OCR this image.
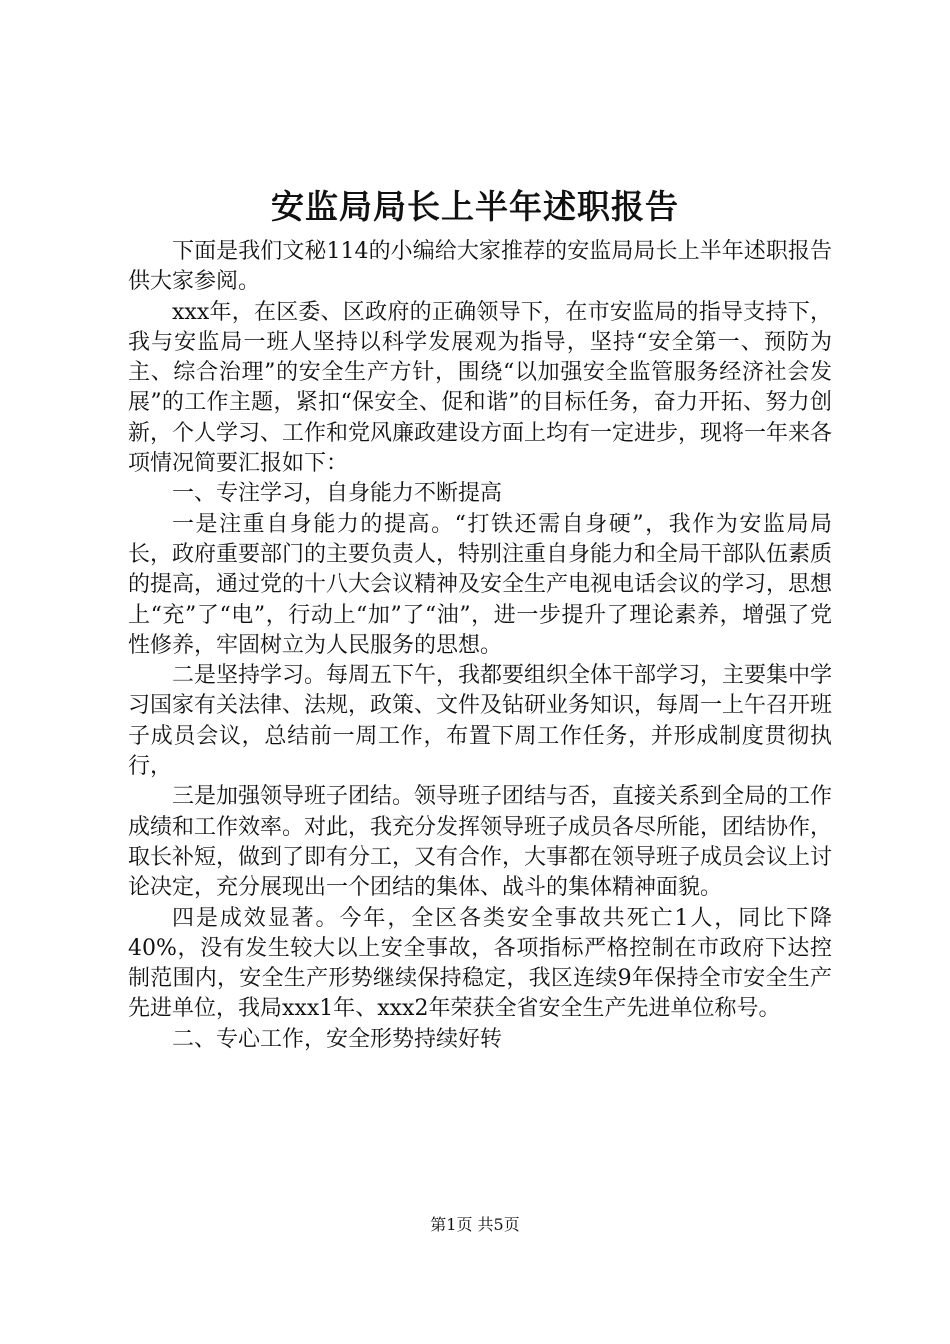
安监局局长上半年述职报告

下面是我们文秘114的小编给大家推荐的安监局局长上半年述职报告供大家参阅。

xxx年，在区委、区政府的正确领导下，在市安监局的指导支持下，我与安监局一班人坚持以科学发展观为指导，坚持“安全第一、预防为主、综合治理”的安全生产方针，围绕“以加强安全监管服务经济社会发展”的工作主题，紧扣“保安全、促和谐”的目标任务，奋力开拓、努力创新，个人学习、工作和党风廉政建设方面上均有一定进步，现将一年来各项情况简要汇报如下：

一、专注学习，自身能力不断提高

一是注重自身能力的提高。“打铁还需自身硬”，我作为安监局局长，政府重要部门的主要负责人，特别注重自身能力和全局干部队伍素质的提高，通过党的十八大会议精神及安全生产电视电话会议的学习，思想上“充”了“电”，行动上“加”了“油”，进一步提升了理论素养，增强了党性修养，牢固树立为人民服务的思想。

二是坚持学习。每周五下午，我都要组织全体干部学习，主要集中学习国家有关法律、法规，政策、文件及钻研业务知识，每周一上午召开班子成员会议，总结前一周工作，布置下周工作任务，并形成制度贯彻执行，

三是加强领导班子团结。领导班子团结与否，直接关系到全局的工作成绩和工作效率。对此，我充分发挥领导班子成员各尽所能，团结协作，取长补短，做到了即有分工，又有合作，大事都在领导班子成员会议上讨论决定，充分展现出一个团结的集体、战斗的集体精神面貌。

四是成效显著。今年，全区各类安全事故共死亡1人，同比下降40%，没有发生较大以上安全事故，各项指标严格控制在市政府下达控制范围内，安全生产形势继续保持稳定，我区连续9年保持全市安全生产先进单位，我局xxx1年、xxx2年荣获全省安全生产先进单位称号。

二、专心工作，安全形势持续好转

第1页 共5页
